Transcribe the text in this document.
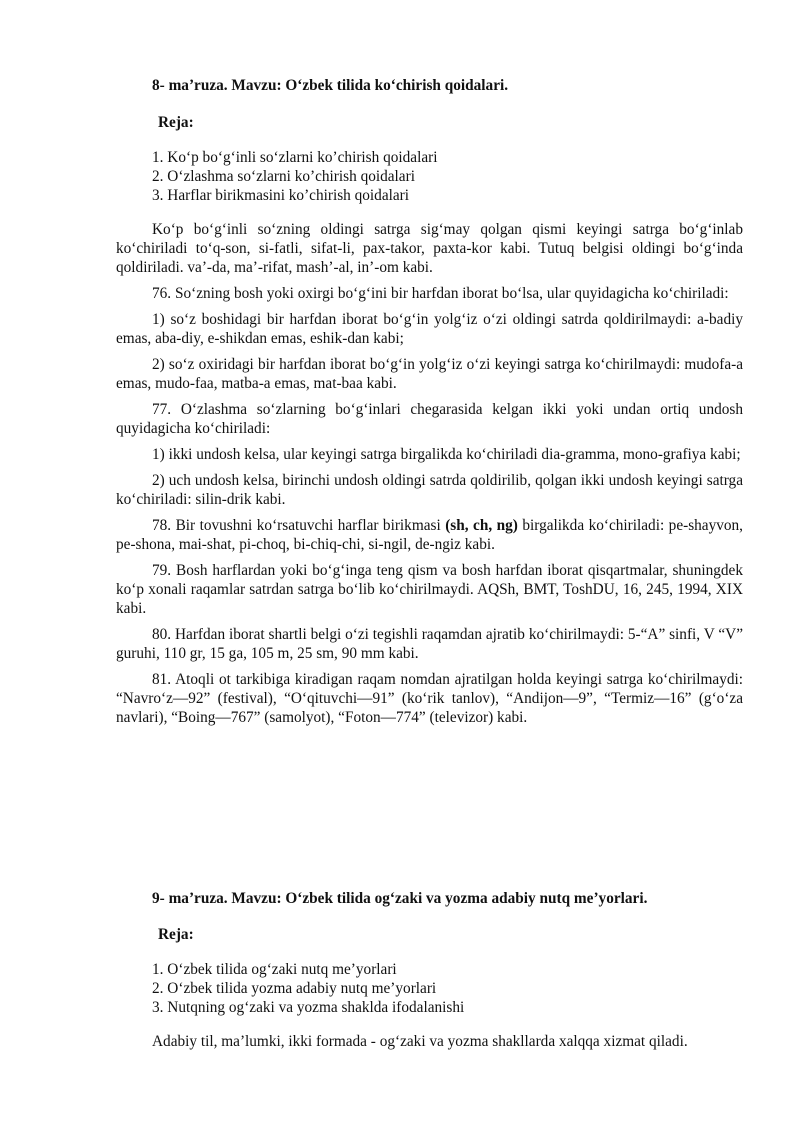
8- ma’ruza. Mavzu: O‘zbek tilida ko‘chirish qoidalari.
Reja:
1. Ko‘p bo‘g‘inli so‘zlarni ko’chirish qoidalari
2. O‘zlashma so‘zlarni ko’chirish qoidalari
3. Harflar birikmasini ko’chirish qoidalari

Ko‘p bo‘g‘inli so‘zning oldingi satrga sig‘may qolgan qismi keyingi satrga bo‘g‘inlab ko‘chiriladi to‘q-son, si-fatli, sifat-li, pax-takor, paxta-kor kabi. Tutuq belgisi oldingi bo‘g‘inda qoldiriladi. va’-da, ma’-rifat, mash’-al, in’-om kabi.

76. So‘zning bosh yoki oxirgi bo‘g‘ini bir harfdan iborat bo‘lsa, ular quyidagicha ko‘chiriladi:

1) so‘z boshidagi bir harfdan iborat bo‘g‘in yolg‘iz o‘zi oldingi satrda qoldirilmaydi: a-badiy emas, aba-diy, e-shikdan emas, eshik-dan kabi;

2) so‘z oxiridagi bir harfdan iborat bo‘g‘in yolg‘iz o‘zi keyingi satrga ko‘chirilmaydi: mudofa-a emas, mudo-faa, matba-a emas, mat-baa kabi.

77. O‘zlashma so‘zlarning bo‘g‘inlari chegarasida kelgan ikki yoki undan ortiq undosh quyidagicha ko‘chiriladi:

1) ikki undosh kelsa, ular keyingi satrga birgalikda ko‘chiriladi dia-gramma, mono-grafiya kabi;

2) uch undosh kelsa, birinchi undosh oldingi satrda qoldirilib, qolgan ikki undosh keyingi satrga ko‘chiriladi: silin-drik kabi.

78. Bir tovushni ko‘rsatuvchi harflar birikmasi (sh, ch, ng) birgalikda ko‘chiriladi: pe-shayvon, pe-shona, mai-shat, pi-choq, bi-chiq-chi, si-ngil, de-ngiz kabi.

79. Bosh harflardan yoki bo‘g‘inga teng qism va bosh harfdan iborat qisqartmalar, shuningdek ko‘p xonali raqamlar satrdan satrga bo‘lib ko‘chirilmaydi. AQSh, BMT, ToshDU, 16, 245, 1994, XIX kabi.

80. Harfdan iborat shartli belgi o‘zi tegishli raqamdan ajratib ko‘chirilmaydi: 5-“A” sinfi, V “V” guruhi, 110 gr, 15 ga, 105 m, 25 sm, 90 mm kabi.

81. Atoqli ot tarkibiga kiradigan raqam nomdan ajratilgan holda keyingi satrga ko‘chirilmaydi: “Navro‘z—92” (festival), “O‘qituvchi—91” (ko‘rik tanlov), “Andijon—9”, “Termiz—16” (g‘o‘za navlari), “Boing—767” (samolyot), “Foton—774” (televizor) kabi.

9- ma’ruza. Mavzu: O‘zbek tilida og‘zaki va yozma adabiy nutq me’yorlari.
Reja:
1. O‘zbek tilida og‘zaki nutq me’yorlari
2. O‘zbek tilida yozma adabiy nutq me’yorlari
3. Nutqning og‘zaki va yozma shaklda ifodalanishi

Adabiy til, ma’lumki, ikki formada - og‘zaki va yozma shakllarda xalqqa xizmat qiladi.
